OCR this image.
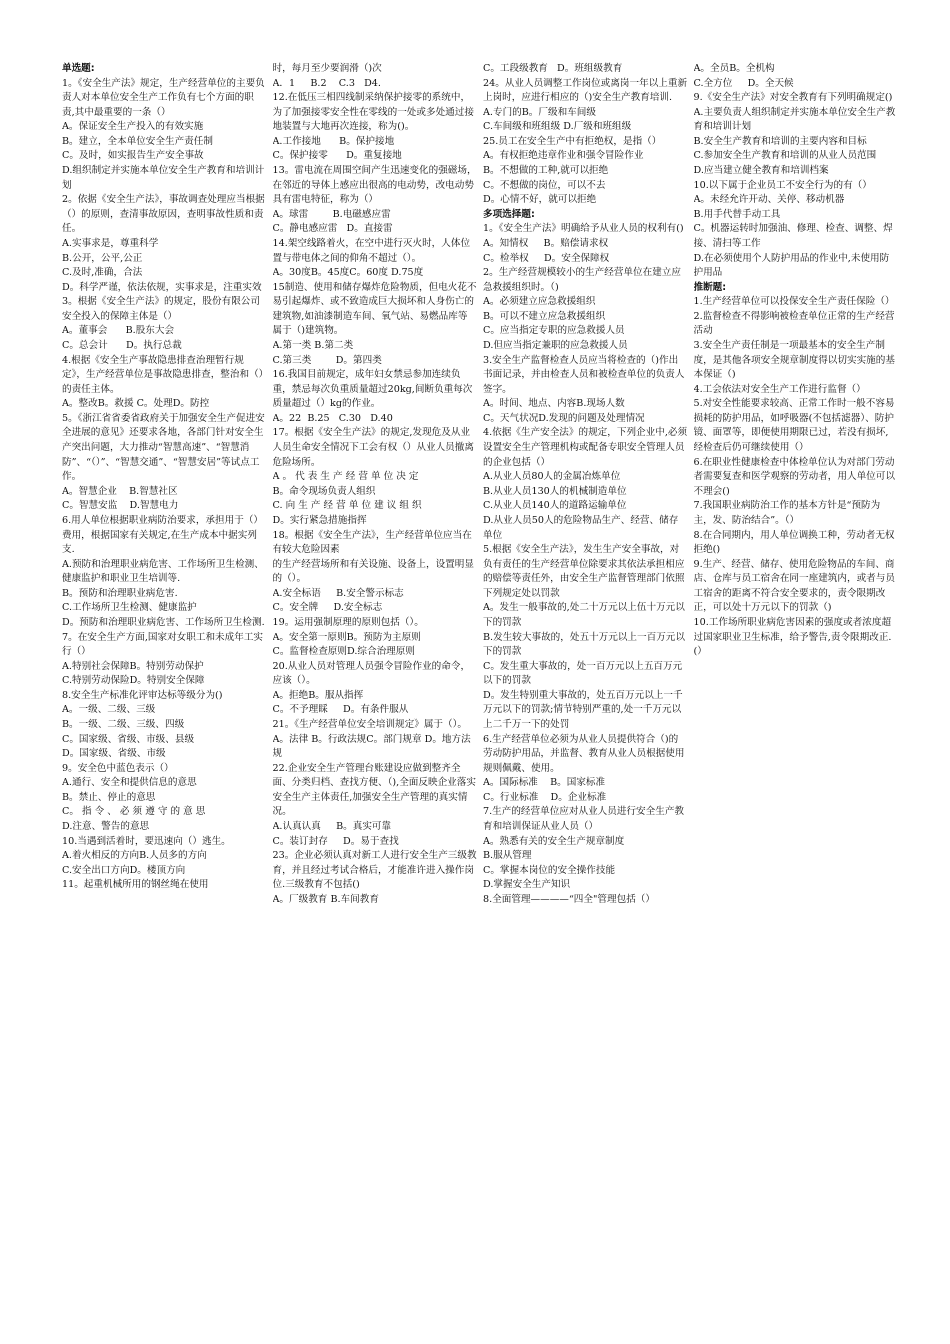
单选题:

1。《安全生产法》规定，生产经营单位的主要负责人对本单位安全生产工作负有七个方面的职责,其中最重要的一条（）

A。保证安全生产投入的有效实施

B。建立，全本单位安全生产责任制

C。及时，如实报告生产安全事故

D.组织制定并实施本单位安全生产教育和培训计划

2。依据《安全生产法》，事故调查处理应当根据（）的原则，查清事故原因，查明事故性质和责任。

A.实事求是，尊重科学

B.公开，公平,公正

C.及时,准确，合法

D。科学严谨，依法依规，实事求是，注重实效

3。根据《安全生产法》的规定，股份有限公司安全投入的保障主体是（）

A。董事会      B.股东大会

C。总会计      D。执行总裁

4.根据《安全生产事故隐患排查治理暂行规定》，生产经营单位是事故隐患排查，整治和（）的责任主体。

A。整改B。救援 C。处理D。防控

5。《浙江省省委省政府关于加强安全生产促进安全进展的意见》还要求各地，各部门针对安全生产突出问题，大力推动“智慧高速”、“智慧消防”、“（）”、“智慧交通”、“智慧安居”等试点工作。

A。智慧企业    B.智慧社区

C。智慧安监    D.智慧电力

6.用人单位根据职业病防治要求，承担用于（）费用，根据国家有关规定,在生产成本中据实列支.

A.预防和治理职业病危害、工作场所卫生检测、健康监护和职业卫生培训等.

B。预防和治理职业病危害.

C.工作场所卫生检测、健康监护

D。预防和治理职业病危害、工作场所卫生检测.

7。在安全生产方面,国家对女职工和未成年工实行（）

A.特别社会保障B。特别劳动保护

C.特别劳动保险D。特别安全保障

8.安全生产标准化评审达标等级分为()

A。一级、二级、三级

B。一级、二级、三级、四级

C。国家级、省级、市级、县级

D。国家级、省级、市级

9。安全色中蓝色表示（）

A.通行、安全和提供信息的意思

B。禁止、停止的意思

C。 指 令 、 必 须 遵 守 的 意 思

D.注意、警告的意思

10.当遇到活着时，要迅速向（）逃生。

A.着火相反的方向B.人员多的方向

C.安全出口方向D。楼顶方向

11。起重机械所用的钢丝绳在使用

时，每月至少要润滑（)次

A．1     B.2    C.3   D4.

12.在低压三相四线制采纳保护接零的系统中，为了加强接零安全性在零线的一处或多处通过接地装置与大地再次连接，称为()。

A.工作接地      B。保护接地

C。保护接零      D。重复接地

13。雷电流在周围空间产生迅速变化的强磁场，在邻近的导体上感应出很高的电动势，改电动势具有雷电特征，称为（）

A。球雷        B.电磁感应雷

C。静电感应雷   D。直接雷

14.架空线路着火，在空中进行灭火时，人体位置与带电体之间的仰角不超过（）。

A。30度B。45度C。60度 D.75度

15制造、使用和储存爆炸危险物质，但电火花不易引起爆炸、或不致造成巨大损坏和人身伤亡的建筑物,如油漆制造车间、氧气站、易燃品库等属于（)建筑物。

A.第一类 B.第二类

C.第三类        D。第四类

16.我国目前规定，成年妇女禁忌参加连续负重，禁忌每次负重质量超过20kg,间断负重每次质量超过（）kg的作业。

A。22  B.25   C.30   D.40

17。根据《安全生产法》的规定,发现危及从业人员生命安全情况下工会有权（）从业人员撤离危险场所。

A 。 代 表 生 产 经 营 单 位 决 定

B。命令现场负责人组织

C. 向 生 产 经 营 单 位 建 议 组 织

D。实行紧急措施指挥

18。根据《安全生产法》，生产经营单位应当在有较大危险因素

的生产经营场所和有关设施、设备上，设置明显的（）。

A.安全标语     B.安全警示标志

C。安全牌     D.安全标志

19。运用强制原理的原则包括（）。

A。安全第一原则B。预防为主原则

C。监督检查原则D.综合治理原则

20.从业人员对管理人员强令冒险作业的命令，应该（）。

A。拒绝B。服从指挥

C。不予理睬     D。有条件服从

21。《生产经营单位安全培训规定》属于（）。

A。法律 B。行政法规C。部门规章 D。地方法规

22.企业安全生产管理台账建设应做到整齐全面、分类归档、查找方便、（),全面反映企业落实安全生产主体责任,加强安全生产管理的真实情况。

A.认真认真     B。真实可靠

C。装订封存     D。易于查找

23。企业必须认真对新工人进行安全生产三级教育，并且经过考试合格后，才能准许进入操作岗位.三级教育不包括()

A。厂级教育 B.车间教育

C。工段级教育   D。班组级教育

24。从业人员调整工作岗位或离岗一年以上重新上岗时，应进行相应的（)安全生产教育培训.

A.专门的B。厂级和车间级

C.车间级和班组级 D.厂级和班组级

25.员工在安全生产中有拒绝权，是指（）

A。有权拒绝违章作业和强令冒险作业

B。不想做的工种,就可以拒绝

C。不想做的岗位，可以不去

D。心情不好，就可以拒绝

多项选择题:

1。《安全生产法》明确给予从业人员的权利有()

A。知情权     B。赔偿请求权

C。检举权     D。安全保障权

2。生产经营规模较小的生产经营单位在建立应急救援组织时。（)

A。必须建立应急救援组织

B。可以不建立应急救援组织

C。应当指定专职的应急救援人员

D.但应当指定兼职的应急救援人员

3.安全生产监督检查人员应当将检查的（)作出书面记录，并由检查人员和被检查单位的负责人签字。

A。时间、地点、内容B.现场人数

C。天气状况D.发现的问题及处理情况

4.依据《生产安全法》的规定，下列企业中,必须设置安全生产管理机构或配备专职安全管理人员的企业包括（）

A.从业人员80人的金属冶炼单位

B.从业人员130人的机械制造单位

C.从业人员140人的道路运输单位

D.从业人员50人的危险物品生产、经营、储存单位

5.根据《安全生产法》，发生生产安全事故，对负有责任的生产经营单位除要求其依法承担相应的赔偿等责任外，由安全生产监督管理部门依照下列规定处以罚款

A。发生一般事故的,处二十万元以上伍十万元以下的罚款

B.发生较大事故的，处五十万元以上一百万元以下的罚款

C。发生重大事故的，处一百万元以上五百万元以下的罚款

D。发生特别重大事故的，处五百万元以上一千万元以下的罚款;情节特别严重的,处一千万元以上二千万一下的处罚

6.生产经营单位必须为从业人员提供符合（)的劳动防护用品，并监督、教育从业人员根据使用规则佩戴、使用。

A。国际标准    B。国家标准

C。行业标准    D。企业标准

7.生产的经营单位应对从业人员进行安全生产教育和培训保证从业人员（）

A。熟悉有关的安全生产规章制度

B.服从管理

C。掌握本岗位的安全操作技能

D.掌握安全生产知识

8.全面管理————“四全"管理包括（）

A。全员B。全机构

C.全方位     D。全天候

9.《安全生产法》对安全教育有下列明确规定()

A.主要负责人组织制定并实施本单位安全生产教育和培训计划

B.安全生产教育和培训的主要内容和目标

C.参加安全生产教育和培训的从业人员范围

D.应当建立健全教育和培训档案

10.以下属于企业员工不安全行为的有（）

A。未经允许开动、关停、移动机器

B.用手代替手动工具

C。机器运转时加强油、修理、检查、调整、焊接、清扫等工作

D.在必须使用个人防护用品的作业中,未使用防护用品

推断题:

1.生产经营单位可以投保安全生产责任保险（）

2.监督检查不得影响被检查单位正常的生产经营活动

3.安全生产责任制是一项最基本的安全生产制度，是其他各项安全规章制度得以切实实施的基本保证（)

4.工会依法对安全生产工作进行监督（）

5.对安全性能要求较高、正常工作时一般不容易损耗的防护用品，如呼吸器(不包括滤器）、防护镜、面罩等，即便使用期限已过，若没有损坏,经检查后仍可继续使用（）

6.在职业性健康检查中体检单位认为对部门劳动者需要复查和医学观察的劳动者，用人单位可以不理会()

7.我国职业病防治工作的基本方针是“预防为主，发、防治结合”。（）

8.在合同期内，用人单位调换工种，劳动者无权拒绝()

9.生产、经营、储存、使用危险物品的车间、商店、仓库与员工宿舍在同一座建筑内，或者与员工宿舍的距离不符合安全要求的，责令限期改正，可以处十万元以下的罚款（)

10.工作场所职业病危害因素的强度或者浓度超过国家职业卫生标准，给予警告,责令限期改正.(）
